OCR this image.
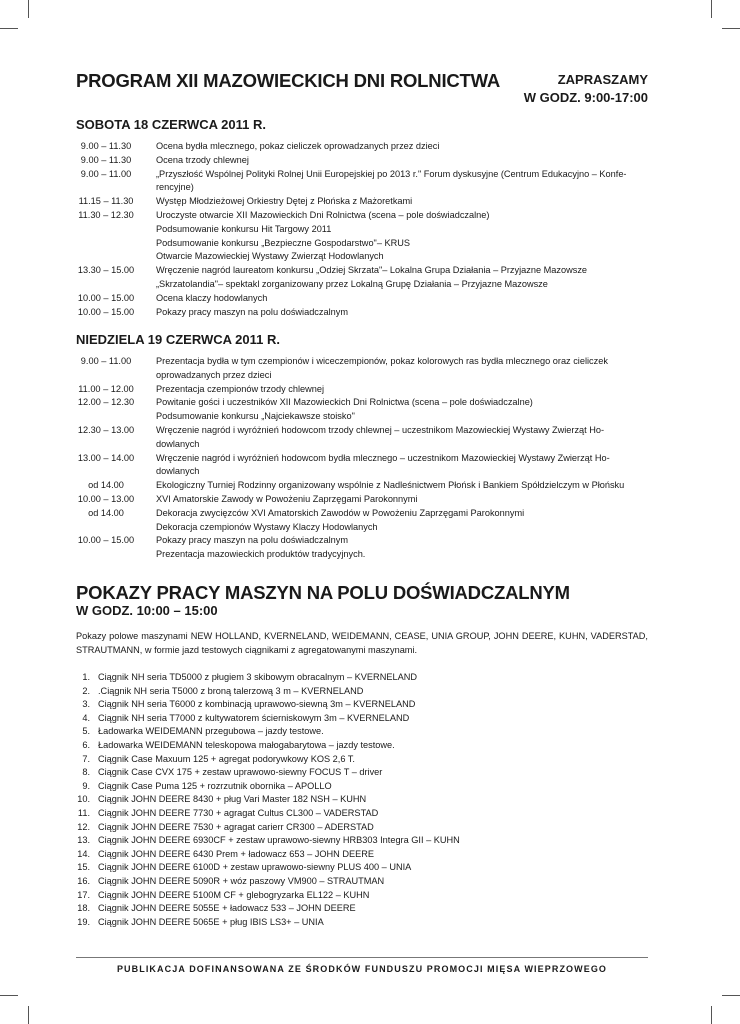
PROGRAM XII MAZOWIECKICH DNI ROLNICTWA	ZAPRASZAMY
W GODZ. 9:00-17:00
SOBOTA 18 CZERWCA 2011 R.
9.00 – 11.30	Ocena bydła mlecznego, pokaz cieliczek oprowadzanych przez dzieci
9.00 – 11.30	Ocena trzody chlewnej
9.00 – 11.00	„Przyszłość Wspólnej Polityki Rolnej Unii Europejskiej po 2013 r." Forum dyskusyjne (Centrum Edukacyjno – Konfe-
rencyjne)
11.15 – 11.30 Występ Młodzieżowej Orkiestry Dętej z Płońska z Mażoretkami
11.30 – 12.30 Uroczyste otwarcie XII Mazowieckich Dni Rolnictwa (scena – pole doświadczalne)
Podsumowanie konkursu Hit Targowy 2011
Podsumowanie konkursu „Bezpieczne Gospodarstwo"– KRUS
Otwarcie Mazowieckiej Wystawy Zwierząt Hodowlanych
13.30 – 15.00 Wręczenie nagród laureatom konkursu „Odziej Skrzata"– Lokalna Grupa Działania – Przyjazne Mazowsze
„Skrzatolandia"– spektakl zorganizowany przez Lokalną Grupę Działania – Przyjazne Mazowsze
10.00 – 15.00 Ocena klaczy hodowlanych
10.00 – 15.00 Pokazy pracy maszyn na polu doświadczalnym
NIEDZIELA 19 CZERWCA 2011 R.
9.00 – 11.00	Prezentacja bydła w tym czempionów i wiceczempionów, pokaz kolorowych ras bydła mlecznego oraz cieliczek
oprowadzanych przez dzieci
11.00 – 12.00 Prezentacja czempionów trzody chlewnej
12.00 – 12.30 Powitanie gości i uczestników XII Mazowieckich Dni Rolnictwa (scena – pole doświadczalne)
Podsumowanie konkursu „Najciekawsze stoisko"
12.30 – 13.00 Wręczenie nagród i wyróżnień hodowcom trzody chlewnej – uczestnikom Mazowieckiej Wystawy Zwierząt Ho-
dowlanych
13.00 – 14.00 Wręczenie nagród i wyróżnień hodowcom bydła mlecznego – uczestnikom Mazowieckiej Wystawy Zwierząt Ho-
dowlanych
od 14.00	Ekologiczny Turniej Rodzinny organizowany wspólnie z Nadleśnictwem Płońsk i Bankiem Spółdzielczym w Płońsku
10.00 – 13.00 XVI Amatorskie Zawody w Powożeniu Zaprzęgami Parokonnymi
od 14.00	Dekoracja zwycięzców XVI Amatorskich Zawodów w Powożeniu Zaprzęgami Parokonnymi
Dekoracja czempionów Wystawy Klaczy Hodowlanych
10.00 – 15.00 Pokazy pracy maszyn na polu doświadczalnym
Prezentacja mazowieckich produktów tradycyjnych.
POKAZY PRACY MASZYN NA POLU DOŚWIADCZALNYM
W GODZ. 10:00 – 15:00

Pokazy polowe maszynami NEW HOLLAND, KVERNELAND, WEIDEMANN, CEASE, UNIA GROUP, JOHN DEERE, KUHN, VADERSTAD, STRAUTMANN, w formie jazd testowych ciągnikami z agregatowanymi maszynami.

1. Ciągnik NH seria TD5000 z pługiem 3 skibowym obracalnym – KVERNELAND
2. .Ciągnik NH seria T5000 z broną talerzową 3 m – KVERNELAND
3. Ciągnik NH seria T6000 z kombinacją uprawowo-siewną 3m – KVERNELAND
4. Ciągnik NH seria T7000 z kultywatorem ścierniskowym 3m – KVERNELAND
5. Ładowarka WEIDEMANN przegubowa – jazdy testowe.
6. Ładowarka WEIDEMANN teleskopowa małogabarytowa – jazdy testowe.
7. Ciągnik Case Maxuum 125 + agregat podorywkowy KOS 2,6 T.
8. Ciągnik Case CVX 175 + zestaw uprawowo-siewny FOCUS T – driver
9. Ciągnik Case Puma 125 + rozrzutnik obornika – APOLLO
10. Ciągnik JOHN DEERE 8430 + pług Vari Master 182 NSH – KUHN
11. Ciągnik JOHN DEERE 7730 + agragat Cultus CL300 – VADERSTAD
12. Ciągnik JOHN DEERE 7530 + agragat carierr CR300 – ADERSTAD
13. Ciągnik JOHN DEERE 6930CF + zestaw uprawowo-siewny HRB303 Integra GII – KUHN
14. Ciągnik JOHN DEERE 6430 Prem + ładowacz 653 – JOHN DEERE
15. Ciągnik JOHN DEERE 6100D + zestaw uprawowo-siewny PLUS 400 – UNIA
16. Ciągnik JOHN DEERE 5090R + wóz paszowy VM900 – STRAUTMAN
17. Ciągnik JOHN DEERE 5100M CF + glebogryzarka EL122 – KUHN
18. Ciągnik JOHN DEERE 5055E + ładowacz 533 – JOHN DEERE
19. Ciągnik JOHN DEERE 5065E + pług IBIS LS3+ – UNIA
PUBLIKACJA DOFINANSOWANA ZE ŚRODKÓW FUNDUSZU PROMOCJI MIĘSA WIEPRZOWEGO
